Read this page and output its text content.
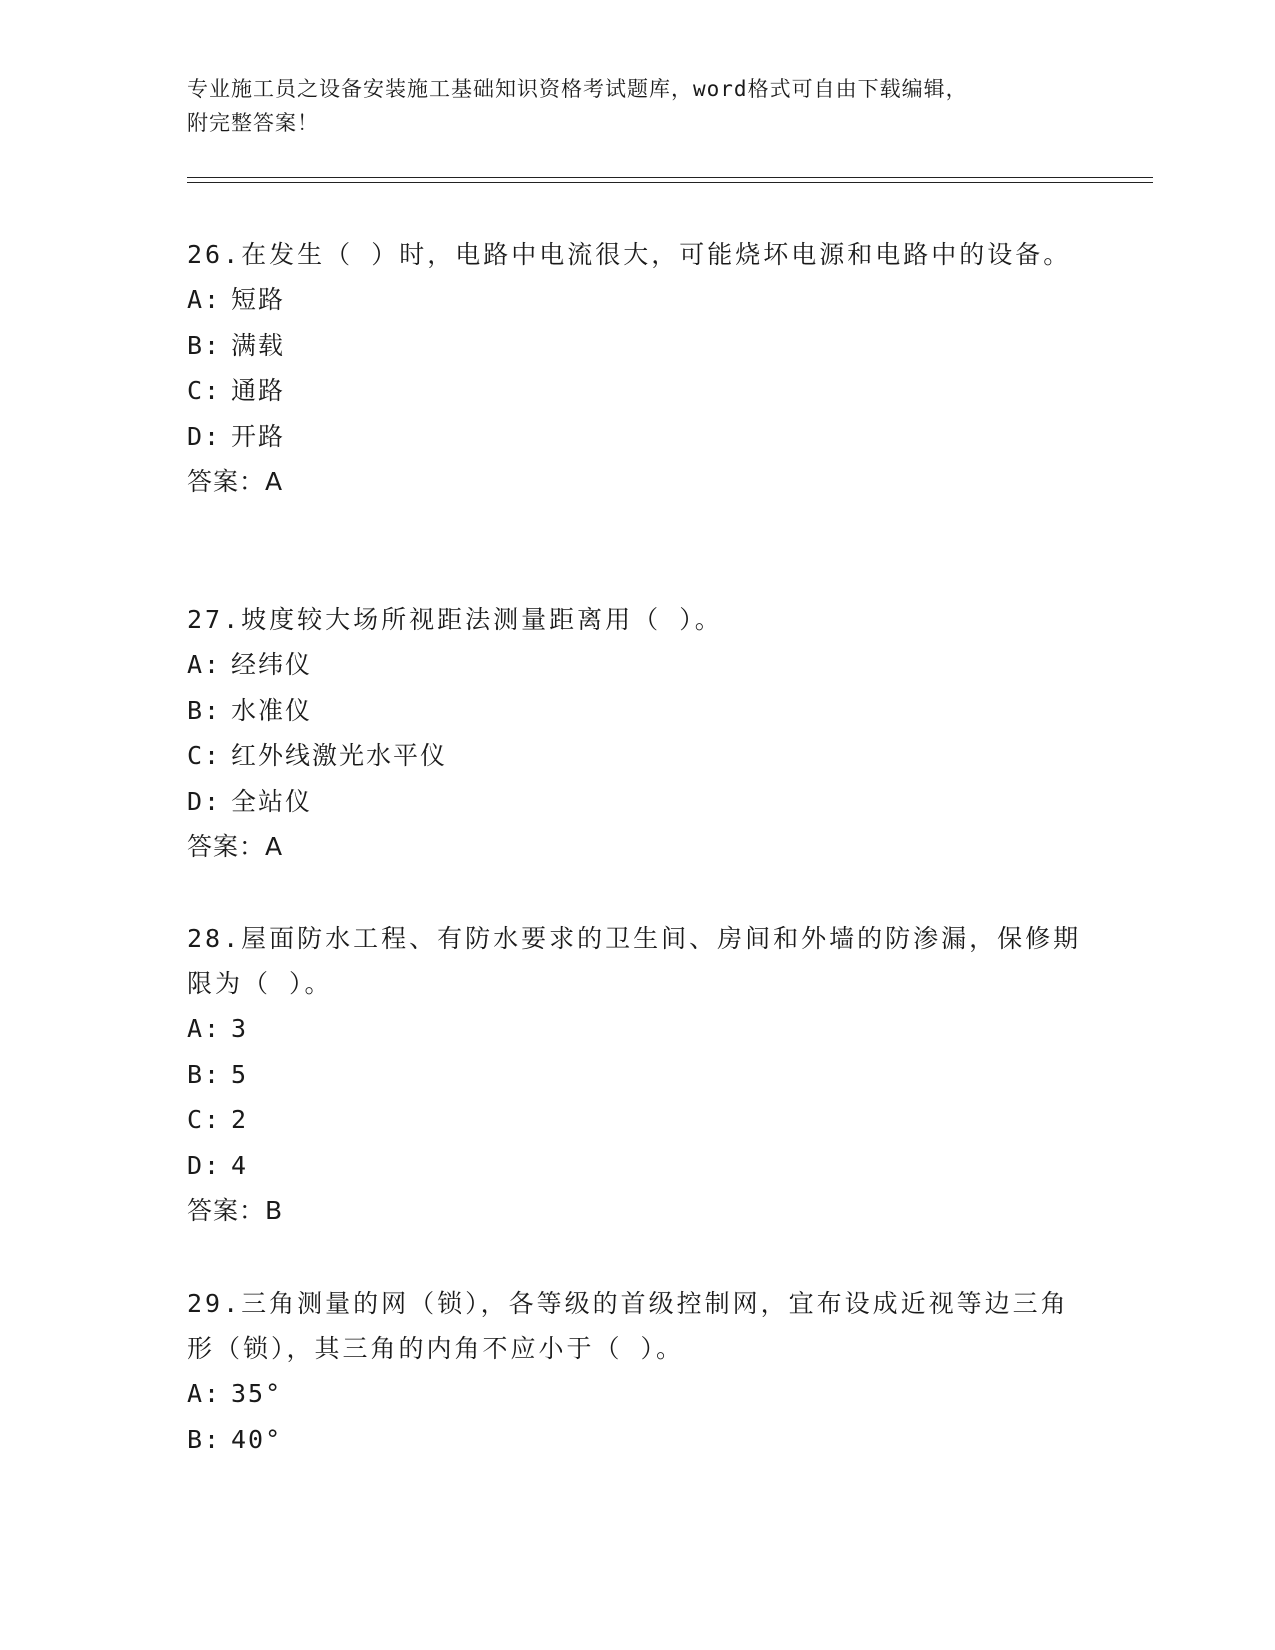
专业施工员之设备安装施工基础知识资格考试题库，word格式可自由下载编辑，
附完整答案！

26.在发生（ ）时，电路中电流很大，可能烧坏电源和电路中的设备。

A: 短路
B: 满载
C: 通路
D: 开路
答案：A

27.坡度较大场所视距法测量距离用（ ）。

A: 经纬仪
B: 水准仪
C: 红外线激光水平仪
D: 全站仪
答案：A

28.屋面防水工程、有防水要求的卫生间、房间和外墙的防渗漏，保修期限为（ ）。

A: 3
B: 5
C: 2
D: 4
答案：B

29.三角测量的网（锁），各等级的首级控制网，宜布设成近视等边三角形（锁），其三角的内角不应小于（ ）。

A: 35°
B: 40°
